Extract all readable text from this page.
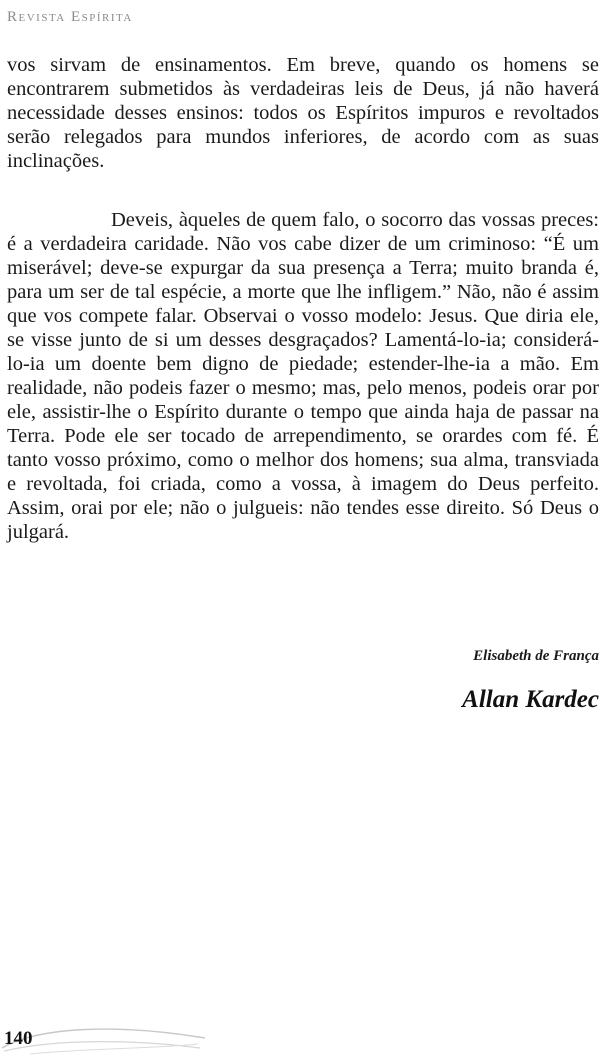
Revista Espírita

vos sirvam de ensinamentos. Em breve, quando os homens se encontrarem submetidos às verdadeiras leis de Deus, já não haverá necessidade desses ensinos: todos os Espíritos impuros e revoltados serão relegados para mundos inferiores, de acordo com as suas inclinações.

Deveis, àqueles de quem falo, o socorro das vossas preces: é a verdadeira caridade. Não vos cabe dizer de um criminoso: “É um miserável; deve-se expurgar da sua presença a Terra; muito branda é, para um ser de tal espécie, a morte que lhe infligem.” Não, não é assim que vos compete falar. Observai o vosso modelo: Jesus. Que diria ele, se visse junto de si um desses desgraçados? Lamentá-lo-ia; considerá-lo-ia um doente bem digno de piedade; estender-lhe-ia a mão. Em realidade, não podeis fazer o mesmo; mas, pelo menos, podeis orar por ele, assistir-lhe o Espírito durante o tempo que ainda haja de passar na Terra. Pode ele ser tocado de arrependimento, se orardes com fé. É tanto vosso próximo, como o melhor dos homens; sua alma, transviada e revoltada, foi criada, como a vossa, à imagem do Deus perfeito. Assim, orai por ele; não o julgueis: não tendes esse direito. Só Deus o julgará.

Elisabeth de França
Allan Kardec
140
